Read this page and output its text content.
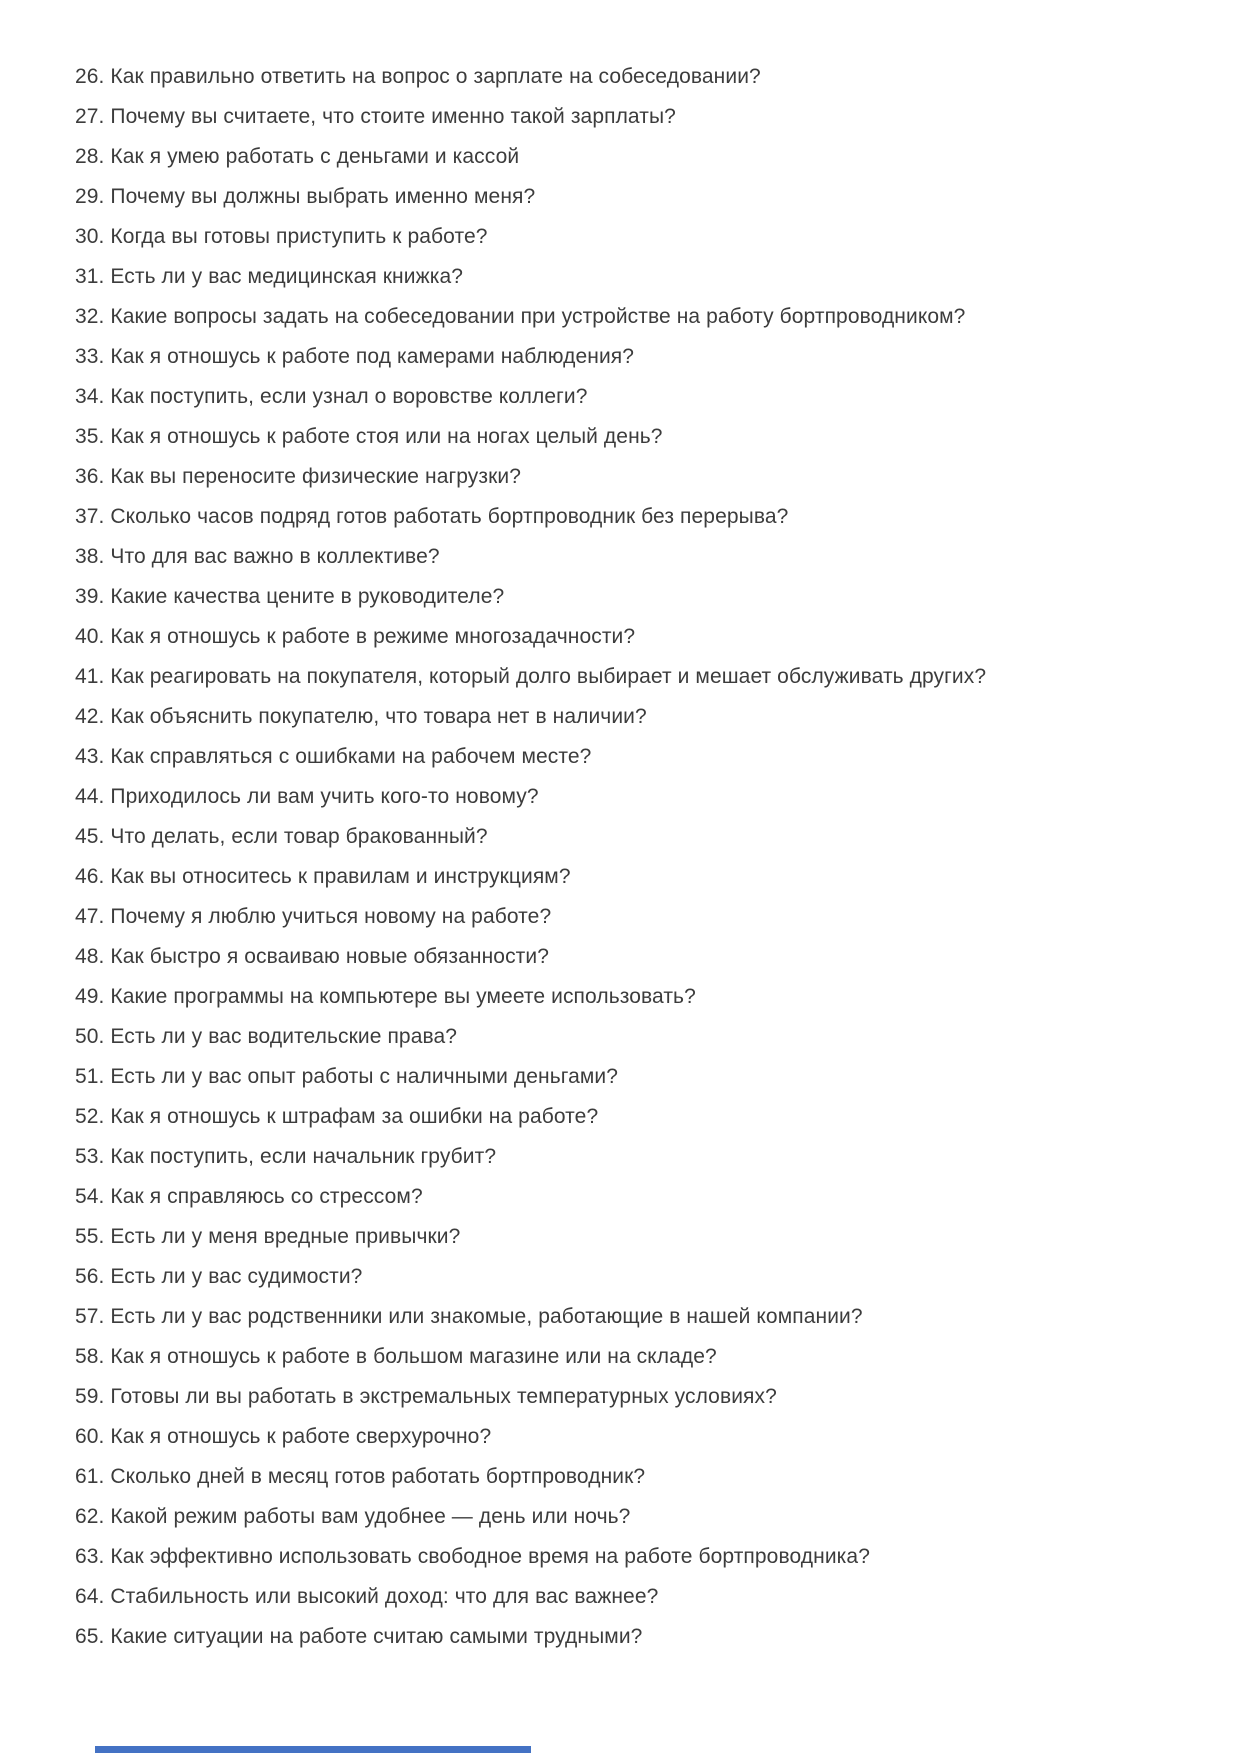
26. Как правильно ответить на вопрос о зарплате на собеседовании?
27. Почему вы считаете, что стоите именно такой зарплаты?
28. Как я умею работать с деньгами и кассой
29. Почему вы должны выбрать именно меня?
30. Когда вы готовы приступить к работе?
31. Есть ли у вас медицинская книжка?
32. Какие вопросы задать на собеседовании при устройстве на работу бортпроводником?
33. Как я отношусь к работе под камерами наблюдения?
34. Как поступить, если узнал о воровстве коллеги?
35. Как я отношусь к работе стоя или на ногах целый день?
36. Как вы переносите физические нагрузки?
37. Сколько часов подряд готов работать бортпроводник без перерыва?
38. Что для вас важно в коллективе?
39. Какие качества цените в руководителе?
40. Как я отношусь к работе в режиме многозадачности?
41. Как реагировать на покупателя, который долго выбирает и мешает обслуживать других?
42. Как объяснить покупателю, что товара нет в наличии?
43. Как справляться с ошибками на рабочем месте?
44. Приходилось ли вам учить кого-то новому?
45. Что делать, если товар бракованный?
46. Как вы относитесь к правилам и инструкциям?
47. Почему я люблю учиться новому на работе?
48. Как быстро я осваиваю новые обязанности?
49. Какие программы на компьютере вы умеете использовать?
50. Есть ли у вас водительские права?
51. Есть ли у вас опыт работы с наличными деньгами?
52. Как я отношусь к штрафам за ошибки на работе?
53. Как поступить, если начальник грубит?
54. Как я справляюсь со стрессом?
55. Есть ли у меня вредные привычки?
56. Есть ли у вас судимости?
57. Есть ли у вас родственники или знакомые, работающие в нашей компании?
58. Как я отношусь к работе в большом магазине или на складе?
59. Готовы ли вы работать в экстремальных температурных условиях?
60. Как я отношусь к работе сверхурочно?
61. Сколько дней в месяц готов работать бортпроводник?
62. Какой режим работы вам удобнее — день или ночь?
63. Как эффективно использовать свободное время на работе бортпроводника?
64. Стабильность или высокий доход: что для вас важнее?
65. Какие ситуации на работе считаю самыми трудными?
